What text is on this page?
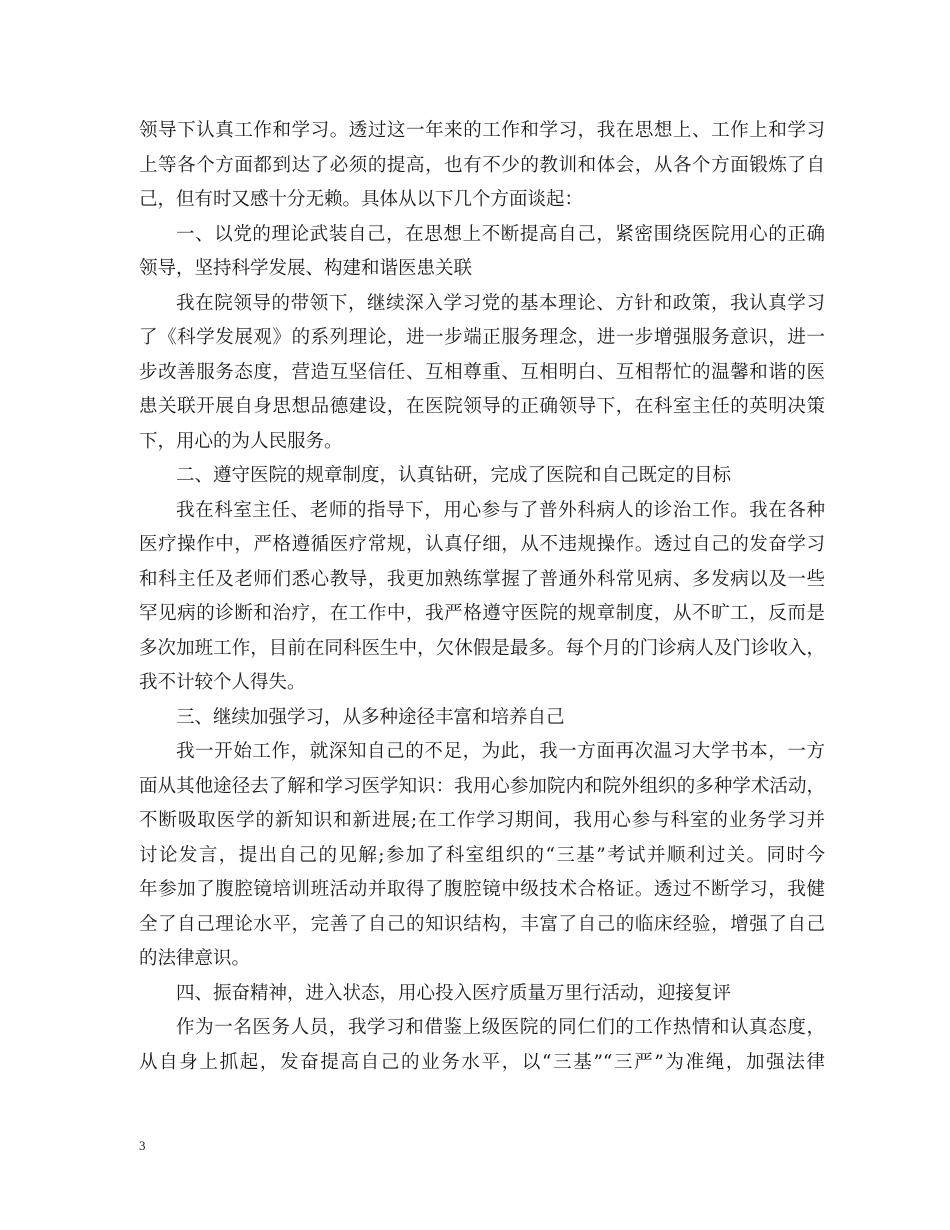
领导下认真工作和学习。透过这一年来的工作和学习，我在思想上、工作上和学习
上等各个方面都到达了必须的提高，也有不少的教训和体会，从各个方面锻炼了自
己，但有时又感十分无赖。具体从以下几个方面谈起：
一、以党的理论武装自己，在思想上不断提高自己，紧密围绕医院用心的正确
领导，坚持科学发展、构建和谐医患关联
我在院领导的带领下，继续深入学习党的基本理论、方针和政策，我认真学习
了《科学发展观》的系列理论，进一步端正服务理念，进一步增强服务意识，进一
步改善服务态度，营造互坚信任、互相尊重、互相明白、互相帮忙的温馨和谐的医
患关联开展自身思想品德建设，在医院领导的正确领导下，在科室主任的英明决策
下，用心的为人民服务。
二、遵守医院的规章制度，认真钻研，完成了医院和自己既定的目标
我在科室主任、老师的指导下，用心参与了普外科病人的诊治工作。我在各种
医疗操作中，严格遵循医疗常规，认真仔细，从不违规操作。透过自己的发奋学习
和科主任及老师们悉心教导，我更加熟练掌握了普通外科常见病、多发病以及一些
罕见病的诊断和治疗，在工作中，我严格遵守医院的规章制度，从不旷工，反而是
多次加班工作，目前在同科医生中，欠休假是最多。每个月的门诊病人及门诊收入，
我不计较个人得失。
三、继续加强学习，从多种途径丰富和培养自己
我一开始工作，就深知自己的不足，为此，我一方面再次温习大学书本，一方
面从其他途径去了解和学习医学知识：我用心参加院内和院外组织的多种学术活动，
不断吸取医学的新知识和新进展;在工作学习期间，我用心参与科室的业务学习并
讨论发言，提出自己的见解;参加了科室组织的“三基”考试并顺利过关。同时今
年参加了腹腔镜培训班活动并取得了腹腔镜中级技术合格证。透过不断学习，我健
全了自己理论水平，完善了自己的知识结构，丰富了自己的临床经验，增强了自己
的法律意识。
四、振奋精神，进入状态，用心投入医疗质量万里行活动，迎接复评
作为一名医务人员，我学习和借鉴上级医院的同仁们的工作热情和认真态度，
从自身上抓起，发奋提高自己的业务水平，以“三基”“三严”为准绳，加强法律
3
